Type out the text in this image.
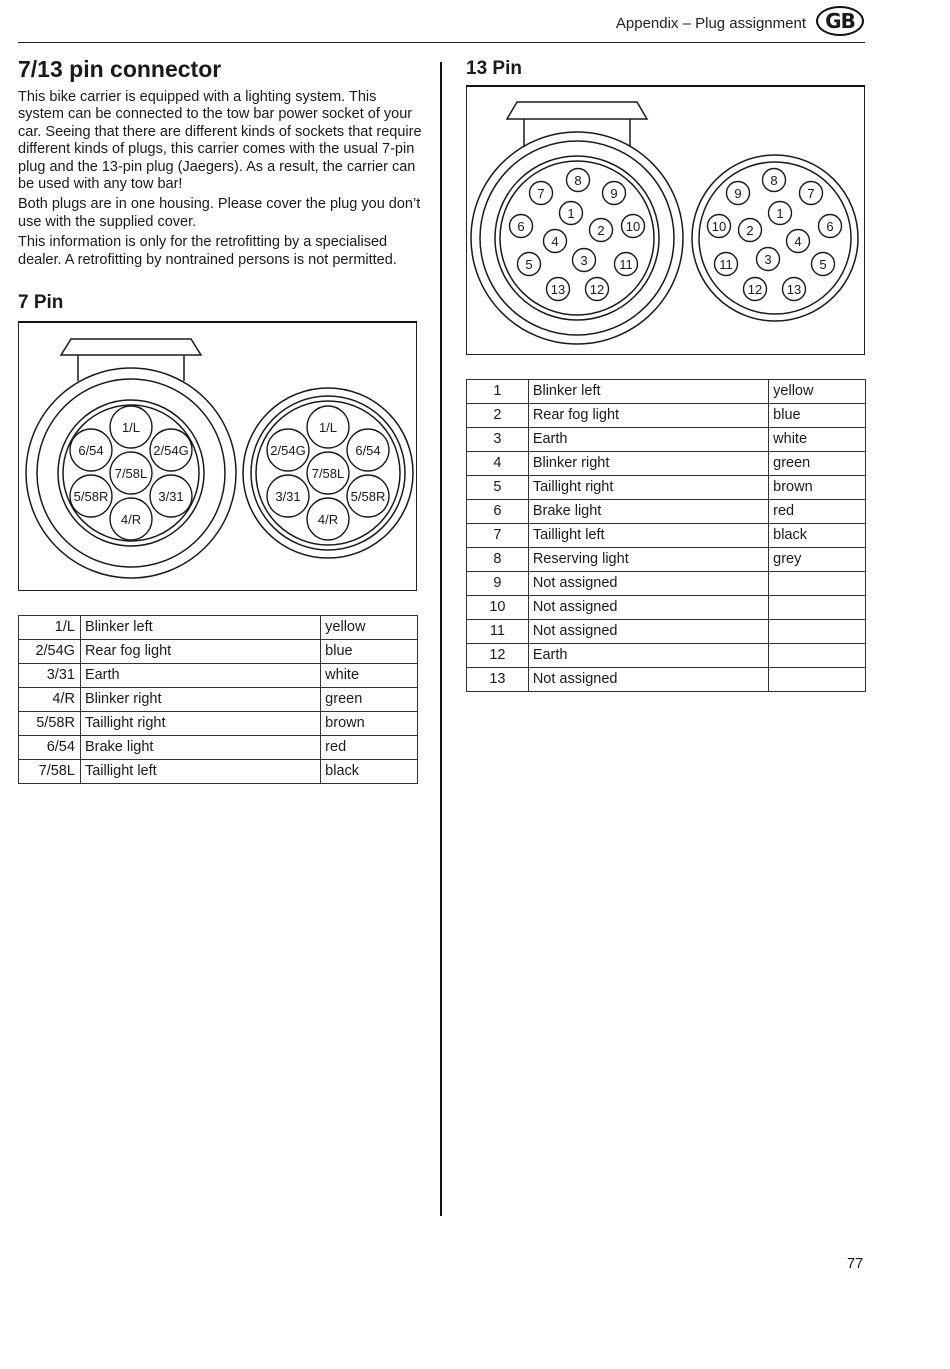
Appendix – Plug assignment GB
7/13 pin connector

This bike carrier is equipped with a lighting system. This system can be connected to the tow bar power socket of your car. Seeing that there are different kinds of sockets that require different kinds of plugs, this carrier comes with the usual 7-pin plug and the 13-pin plug (Jaegers). As a result, the carrier can be used with any tow bar!

Both plugs are in one housing. Please cover the plug you don’t use with the supplied cover.

This information is only for the retrofitting by a specialised dealer. A retrofitting by nontrained persons is not permitted.

7 Pin
1/L
2/54G
3/31
4/R
5/58R
6/54
7/58L
1/L
6/54
5/58R
4/R
3/31
2/54G
7/58L
1/L	Blinker left	yellow
2/54G	Rear fog light	blue
3/31	Earth	white
4/R	Blinker right	green
5/58R	Taillight right	brown
6/54	Brake light	red
7/58L	Taillight left	black
13 Pin
1
2
3
4
5
6
7
8
9
10
11
12
13
1
2
3
4
5
6
7
8
9
10
11
12 13
1	Blinker left	yellow
2	Rear fog light	blue
3	Earth	white
4	Blinker right	green
5	Taillight right	brown
6	Brake light	red
7	Taillight left	black
8	Reserving light	grey
9	Not assigned	
10	Not assigned	
11	Not assigned	
12	Earth	
13	Not assigned	
77
